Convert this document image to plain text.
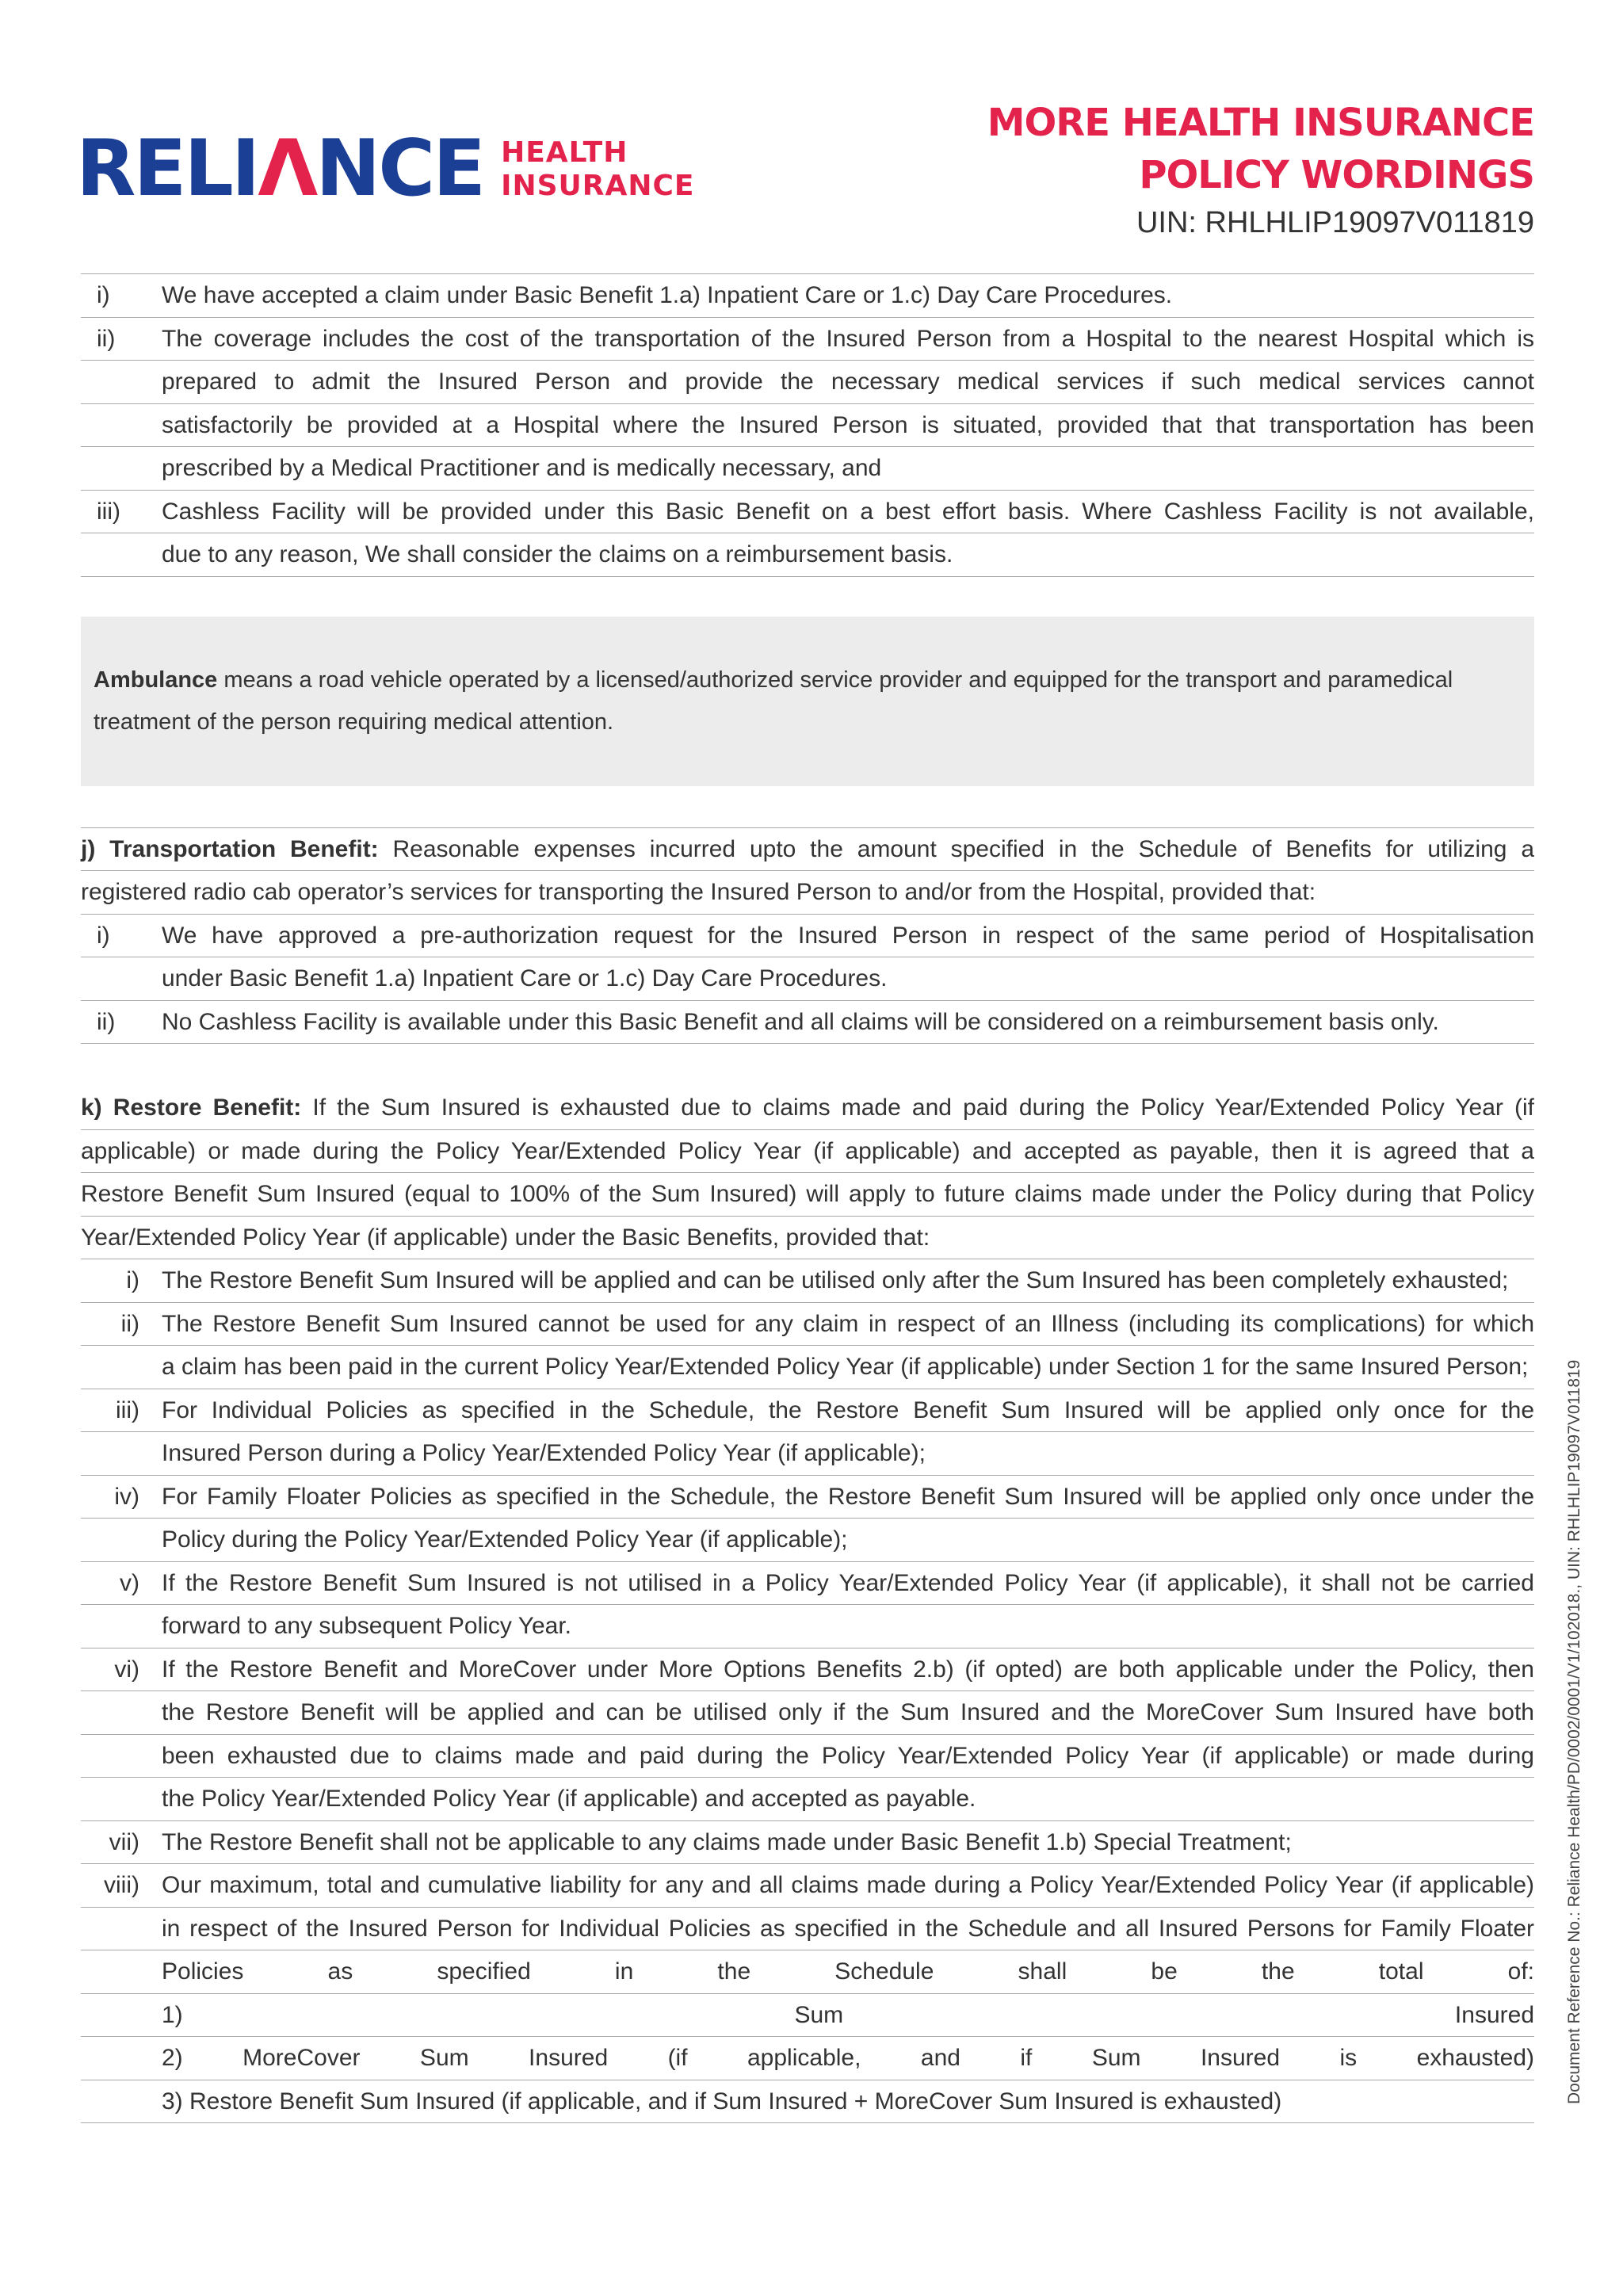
RELIΛNCE HEALTH
INSURANCE
MORE HEALTH INSURANCE
POLICY WORDINGS
UIN: RHLHLIP19097V011819
i)	We have accepted a claim under Basic Benefit 1.a) Inpatient Care or 1.c) Day Care Procedures.
ii)	The coverage includes the cost of the transportation of the Insured Person from a Hospital to the nearest Hospital which is
prepared to admit the Insured Person and provide the necessary medical services if such medical services cannot
satisfactorily be provided at a Hospital where the Insured Person is situated, provided that that transportation has been
prescribed by a Medical Practitioner and is medically necessary, and
iii)	Cashless Facility will be provided under this Basic Benefit on a best effort basis. Where Cashless Facility is not available,
due to any reason, We shall consider the claims on a reimbursement basis.
Ambulance means a road vehicle operated by a licensed/authorized service provider and equipped for the transport and paramedical treatment of the person requiring medical attention.
j) Transportation Benefit: Reasonable expenses incurred upto the amount specified in the Schedule of Benefits for utilizing a
registered radio cab operator’s services for transporting the Insured Person to and/or from the Hospital, provided that:
i)	We have approved a pre-authorization request for the Insured Person in respect of the same period of Hospitalisation
under Basic Benefit 1.a) Inpatient Care or 1.c) Day Care Procedures.
ii)	No Cashless Facility is available under this Basic Benefit and all claims will be considered on a reimbursement basis only.
k) Restore Benefit: If the Sum Insured is exhausted due to claims made and paid during the Policy Year/Extended Policy Year (if
applicable) or made during the Policy Year/Extended Policy Year (if applicable) and accepted as payable, then it is agreed that a
Restore Benefit Sum Insured (equal to 100% of the Sum Insured) will apply to future claims made under the Policy during that Policy
Year/Extended Policy Year (if applicable) under the Basic Benefits, provided that:
i) The Restore Benefit Sum Insured will be applied and can be utilised only after the Sum Insured has been completely exhausted;
ii) The Restore Benefit Sum Insured cannot be used for any claim in respect of an Illness (including its complications) for which
a claim has been paid in the current Policy Year/Extended Policy Year (if applicable) under Section 1 for the same Insured Person;
iii) For Individual Policies as specified in the Schedule, the Restore Benefit Sum Insured will be applied only once for the
Insured Person during a Policy Year/Extended Policy Year (if applicable);
iv) For Family Floater Policies as specified in the Schedule, the Restore Benefit Sum Insured will be applied only once under the
Policy during the Policy Year/Extended Policy Year (if applicable);
v) If the Restore Benefit Sum Insured is not utilised in a Policy Year/Extended Policy Year (if applicable), it shall not be carried
forward to any subsequent Policy Year.
vi) If the Restore Benefit and MoreCover under More Options Benefits 2.b) (if opted) are both applicable under the Policy, then
the Restore Benefit will be applied and can be utilised only if the Sum Insured and the MoreCover Sum Insured have both
been exhausted due to claims made and paid during the Policy Year/Extended Policy Year (if applicable) or made during
the Policy Year/Extended Policy Year (if applicable) and accepted as payable.
vii) The Restore Benefit shall not be applicable to any claims made under Basic Benefit 1.b) Special Treatment;
viii) Our maximum, total and cumulative liability for any and all claims made during a Policy Year/Extended Policy Year (if applicable)
in respect of the Insured Person for Individual Policies as specified in the Schedule and all Insured Persons for Family Floater
Policies as specified in the Schedule shall be the total of:
1) Sum Insured
2) MoreCover Sum Insured (if applicable, and if Sum Insured is exhausted)
3) Restore Benefit Sum Insured (if applicable, and if Sum Insured + MoreCover Sum Insured is exhausted)	Document Reference No.: Reliance Health/PD/0002/0001/V1/102018., UIN: RHLHLIP19097V011819
